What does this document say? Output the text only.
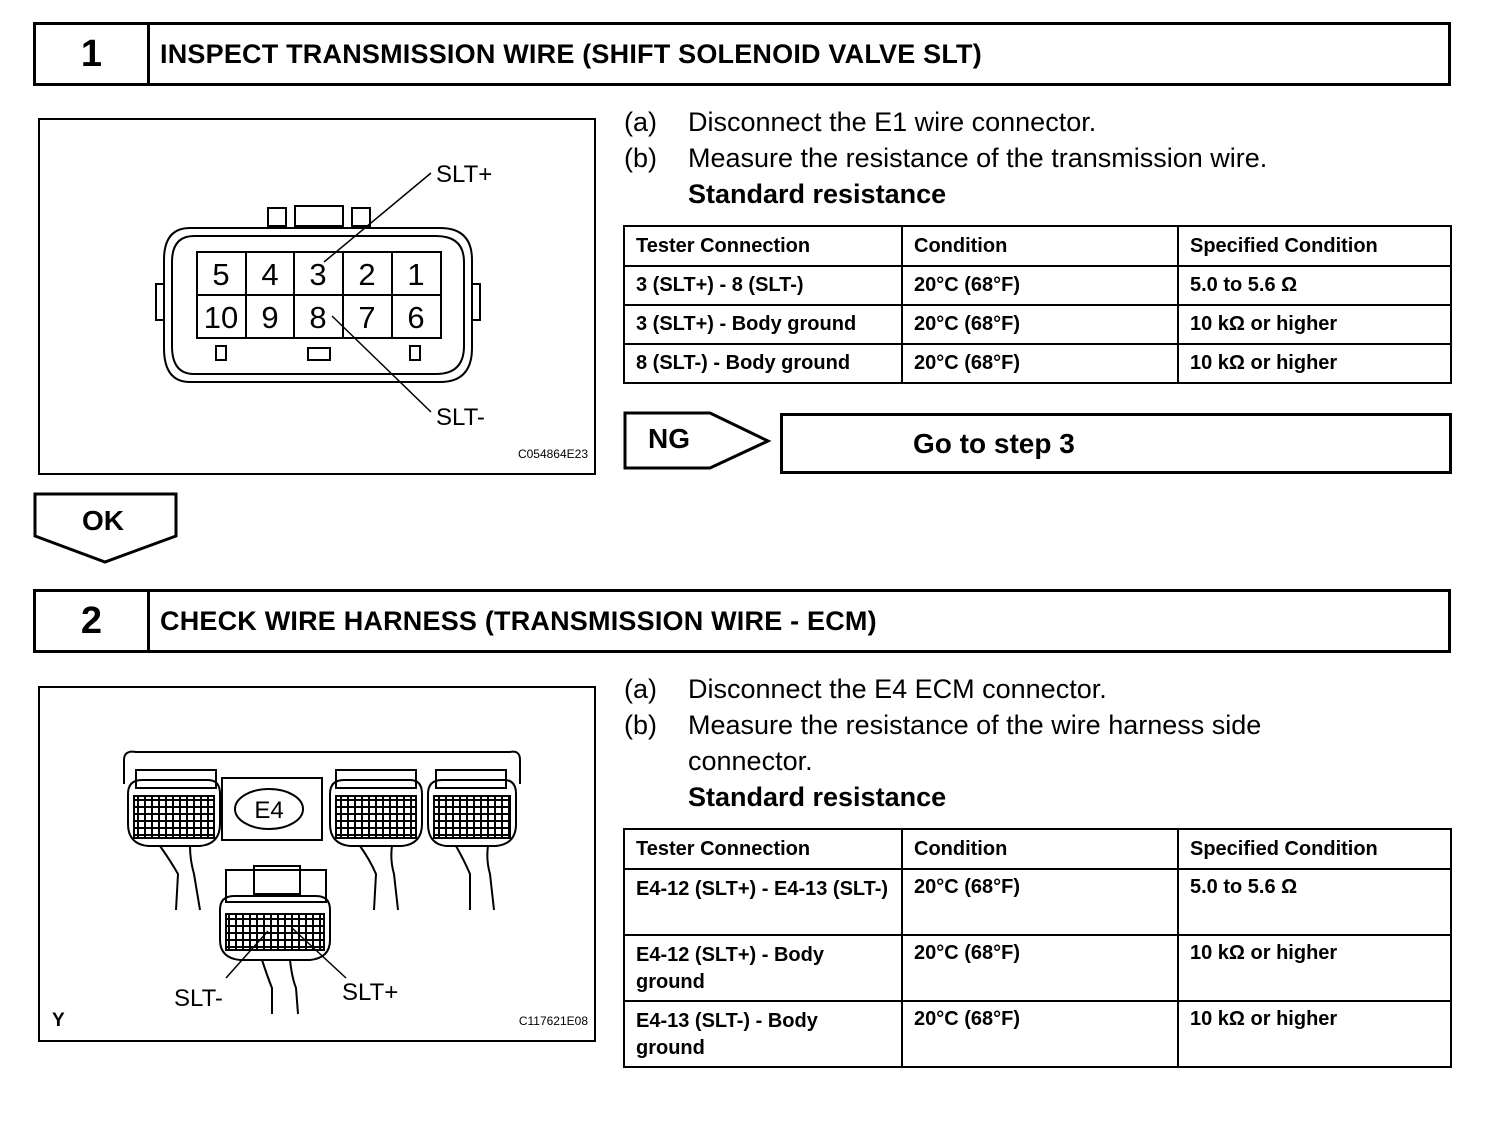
1	INSPECT TRANSMISSION WIRE (SHIFT SOLENOID VALVE SLT)
5 4 3 2 1
10 9 8 7 6
SLT+
SLT-
C054864E23
(a)	Disconnect the E1 wire connector.
(b)	Measure the resistance of the transmission wire.
Standard resistance
Tester Connection	Condition	Specified Condition
3 (SLT+) - 8 (SLT-)	20°C (68°F)	5.0 to 5.6 Ω
3 (SLT+) - Body ground	20°C (68°F)	10 kΩ or higher
8 (SLT-) - Body ground	20°C (68°F)	10 kΩ or higher
NG	Go to step 3
OK
2	CHECK WIRE HARNESS (TRANSMISSION WIRE - ECM)
E4
SLT-	SLT+
Y	C117621E08
(a)	Disconnect the E4 ECM connector.
(b)	Measure the resistance of the wire harness side
connector.
Standard resistance
Tester Connection	Condition	Specified Condition
E4-12 (SLT+) - E4-13 (SLT-)	20°C (68°F)	5.0 to 5.6 Ω
E4-12 (SLT+) - Body ground	20°C (68°F)	10 kΩ or higher
E4-13 (SLT-) - Body ground	20°C (68°F)	10 kΩ or higher
